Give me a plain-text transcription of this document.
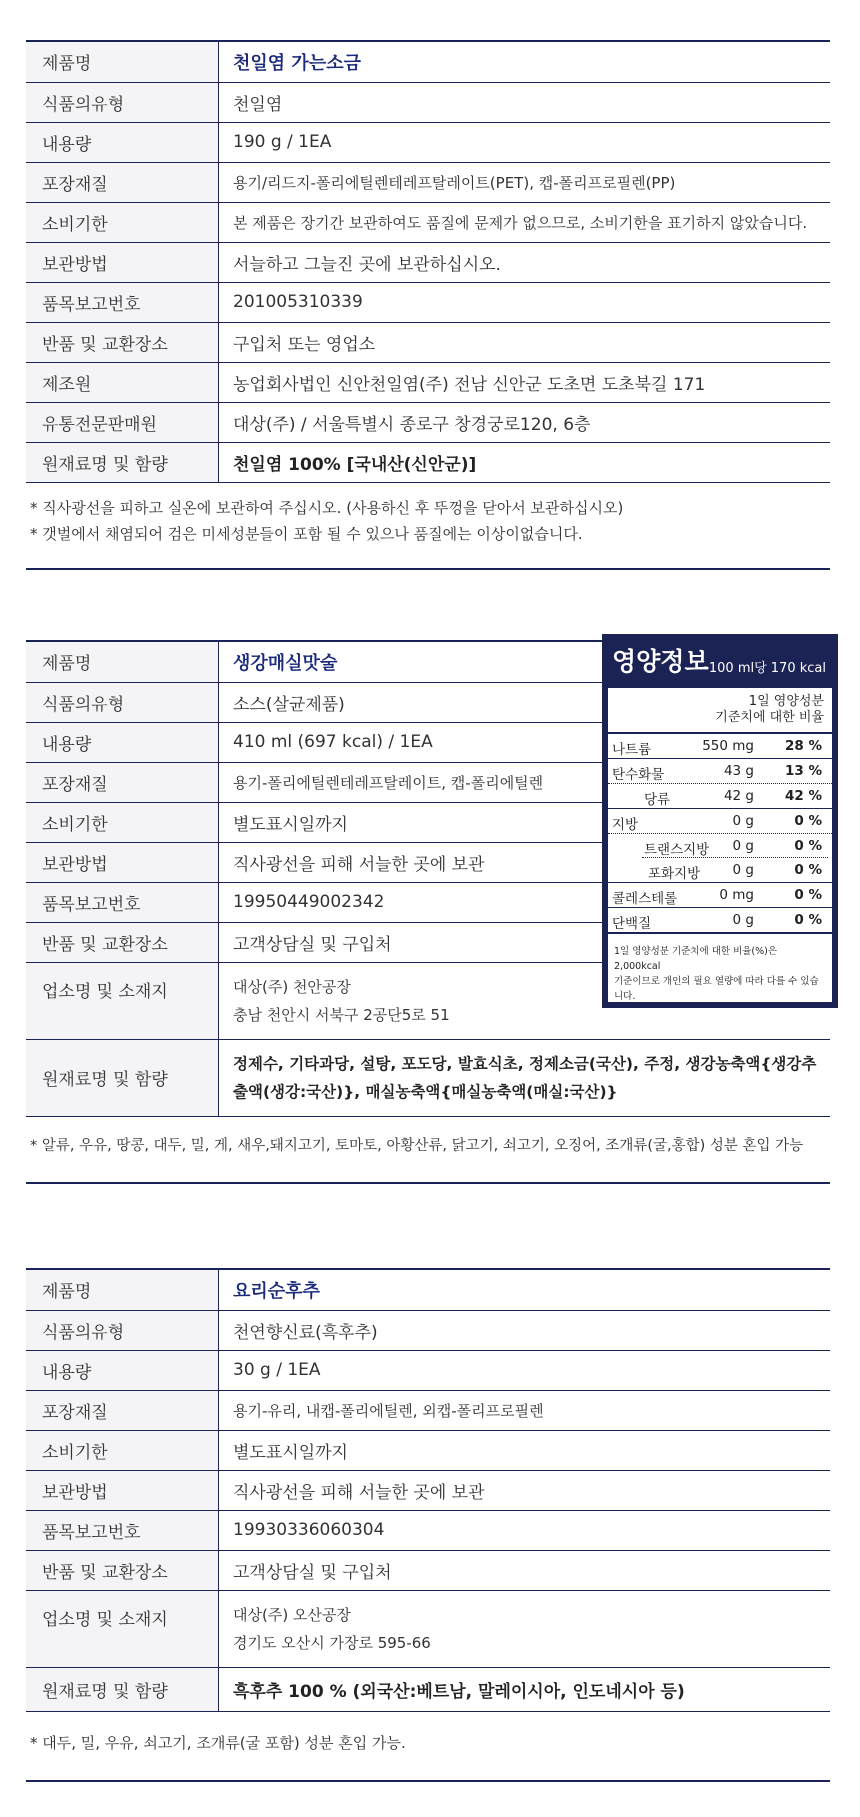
제품명	천일염 가는소금
식품의유형	천일염
내용량	190 g / 1EA
포장재질	용기/리드지-폴리에틸렌테레프탈레이트(PET), 캡-폴리프로필렌(PP)
소비기한	본 제품은 장기간 보관하여도 품질에 문제가 없으므로, 소비기한을 표기하지 않았습니다.
보관방법	서늘하고 그늘진 곳에 보관하십시오.
품목보고번호	201005310339
반품 및 교환장소	구입처 또는 영업소
제조원	농업회사법인 신안천일염(주) 전남 신안군 도초면 도초북길 171
유통전문판매원	대상(주) / 서울특별시 종로구 창경궁로120, 6층
원재료명 및 함량	천일염 100% [국내산(신안군)]
* 직사광선을 피하고 실온에 보관하여 주십시오. (사용하신 후 뚜껑을 닫아서 보관하십시오)
* 갯벌에서 채염되어 검은 미세성분들이 포함 될 수 있으나 품질에는 이상이없습니다.
제품명	생강매실맛술
식품의유형	소스(살균제품)
내용량	410 ml (697 kcal) / 1EA
포장재질	용기-폴리에틸렌테레프탈레이트, 캡-폴리에틸렌
소비기한	별도표시일까지
보관방법	직사광선을 피해 서늘한 곳에 보관
품목보고번호	19950449002342
반품 및 교환장소	고객상담실 및 구입처
업소명 및 소재지	대상(주) 천안공장
충남 천안시 서북구 2공단5로 51

원재료명 및 함량	정제수, 기타과당, 설탕, 포도당, 발효식초, 정제소금(국산), 주정, 생강농축액{생강추출액(생강:국산)}, 매실농축액{매실농축액(매실:국산)}
* 알류, 우유, 땅콩, 대두, 밀, 게, 새우,돼지고기, 토마토, 아황산류, 닭고기, 쇠고기, 오징어, 조개류(굴,홍합) 성분 혼입 가능
영양정보 100 ml당 170 kcal
1일 영양성분
기준치에 대한 비율
나트륨	550 mg 28 %
탄수화물	43 g 13 %
당류	42 g 42 %
지방	0 g	0 %
트랜스지방 0 g	0 %
포화지방 0 g	0 %
콜레스테롤	0 mg	0 %
단백질	0 g	0 %
1일 영양성분 기준치에 대한 비율(%)은 2,000kcal
기준이므로 개인의 필요 열량에 따라 다를 수 있습니다.
제품명	요리순후추
식품의유형	천연향신료(흑후추)
내용량	30 g / 1EA
포장재질	용기-유리, 내캡-폴리에틸렌, 외캡-폴리프로필렌
소비기한	별도표시일까지
보관방법	직사광선을 피해 서늘한 곳에 보관
품목보고번호	19930336060304
반품 및 교환장소	고객상담실 및 구입처
업소명 및 소재지	대상(주) 오산공장
경기도 오산시 가장로 595-66

원재료명 및 함량	흑후추 100 % (외국산:베트남, 말레이시아, 인도네시아 등)
* 대두, 밀, 우유, 쇠고기, 조개류(굴 포함) 성분 혼입 가능.
